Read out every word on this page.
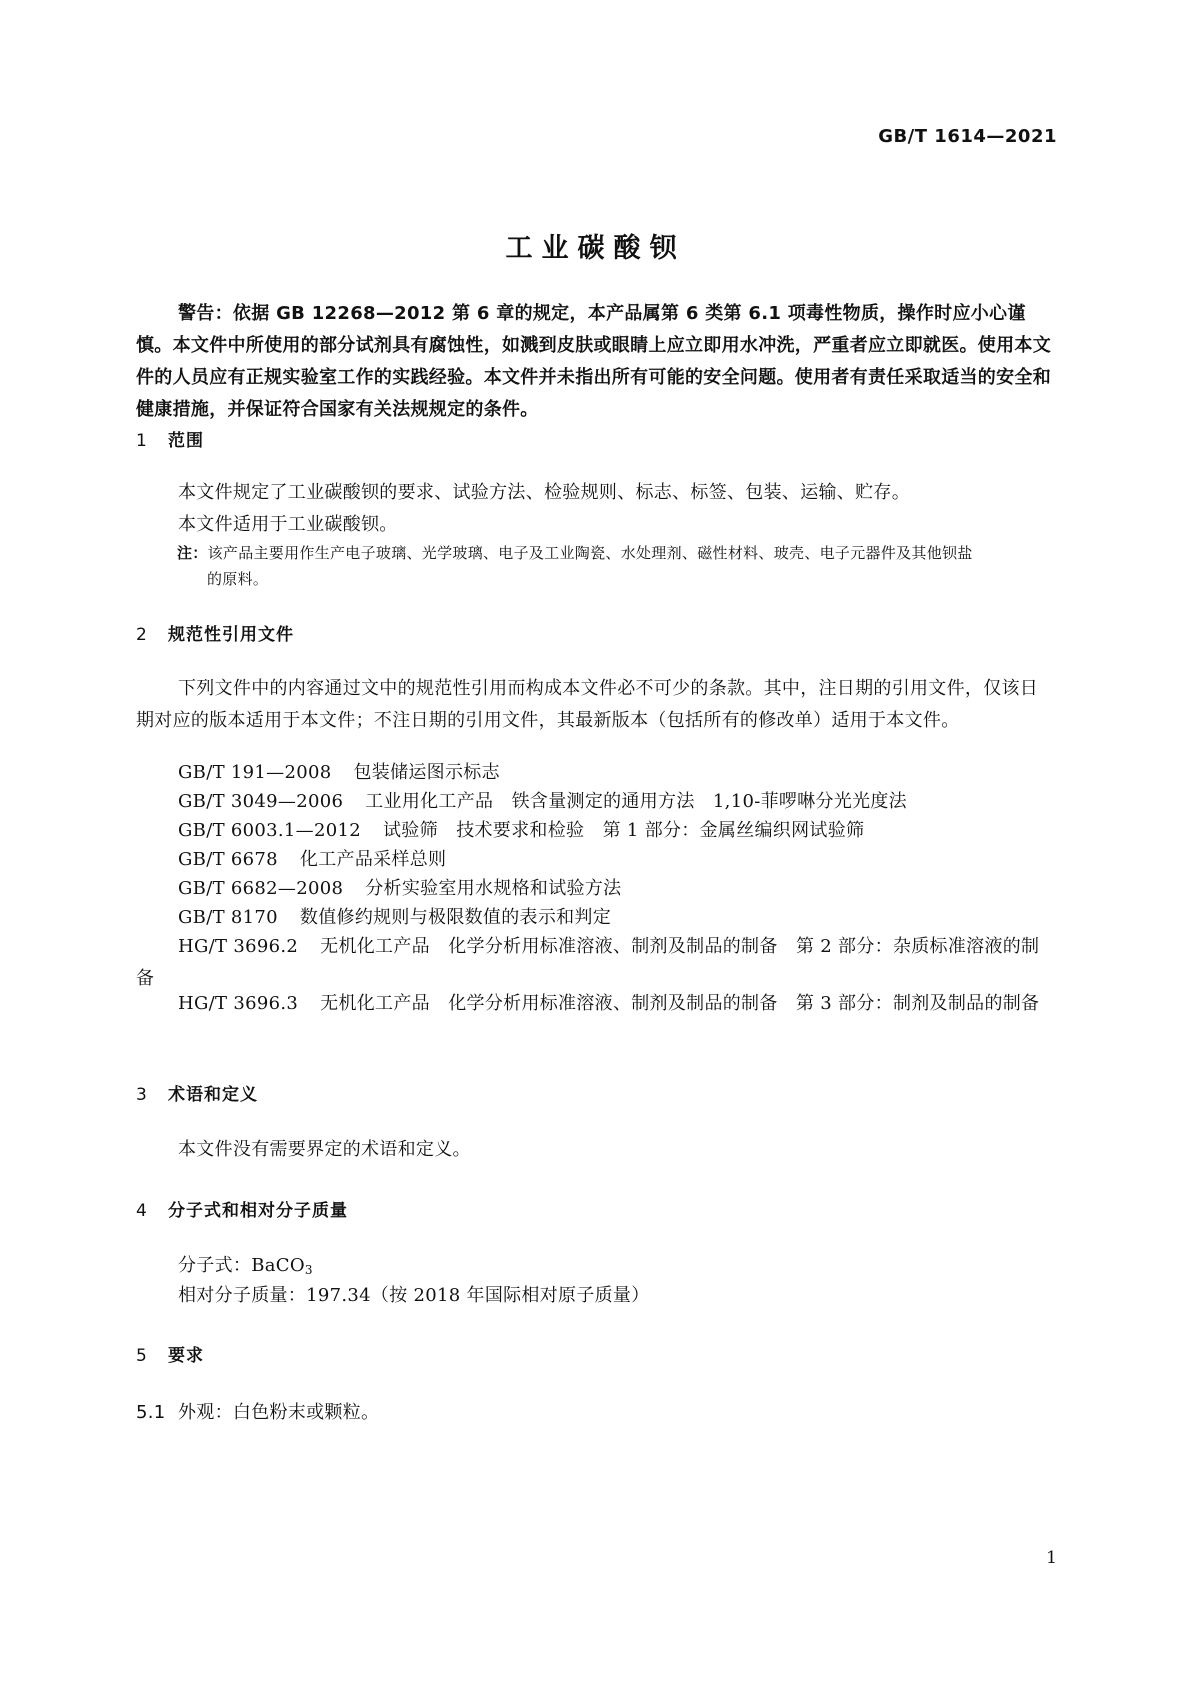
GB/T 1614—2021
工业碳酸钡
警告：依据 GB 12268—2012 第 6 章的规定，本产品属第 6 类第 6.1 项毒性物质，操作时应小心谨慎。本文件中所使用的部分试剂具有腐蚀性，如溅到皮肤或眼睛上应立即用水冲洗，严重者应立即就医。使用本文件的人员应有正规实验室工作的实践经验。本文件并未指出所有可能的安全问题。使用者有责任采取适当的安全和健康措施，并保证符合国家有关法规规定的条件。
1 范围
本文件规定了工业碳酸钡的要求、试验方法、检验规则、标志、标签、包装、运输、贮存。
本文件适用于工业碳酸钡。
注：该产品主要用作生产电子玻璃、光学玻璃、电子及工业陶瓷、水处理剂、磁性材料、玻壳、电子元器件及其他钡盐
的原料。
2 规范性引用文件
下列文件中的内容通过文中的规范性引用而构成本文件必不可少的条款。其中，注日期的引用文件，仅该日期对应的版本适用于本文件；不注日期的引用文件，其最新版本（包括所有的修改单）适用于本文件。
GB/T 191—2008 包装储运图示标志
GB/T 3049—2006 工业用化工产品　铁含量测定的通用方法　1,10-菲啰啉分光光度法
GB/T 6003.1—2012 试验筛　技术要求和检验　第 1 部分：金属丝编织网试验筛
GB/T 6678 化工产品采样总则
GB/T 6682—2008 分析实验室用水规格和试验方法
GB/T 8170 数值修约规则与极限数值的表示和判定
HG/T 3696.2 无机化工产品　化学分析用标准溶液、制剂及制品的制备　第 2 部分：杂质标准溶液的制备
HG/T 3696.3 无机化工产品　化学分析用标准溶液、制剂及制品的制备　第 3 部分：制剂及制品的制备
3 术语和定义
本文件没有需要界定的术语和定义。
4 分子式和相对分子质量
分子式：BaCO$_3$
相对分子质量：197.34（按 2018 年国际相对原子质量）
5 要求
5.1 外观：白色粉末或颗粒。
1
